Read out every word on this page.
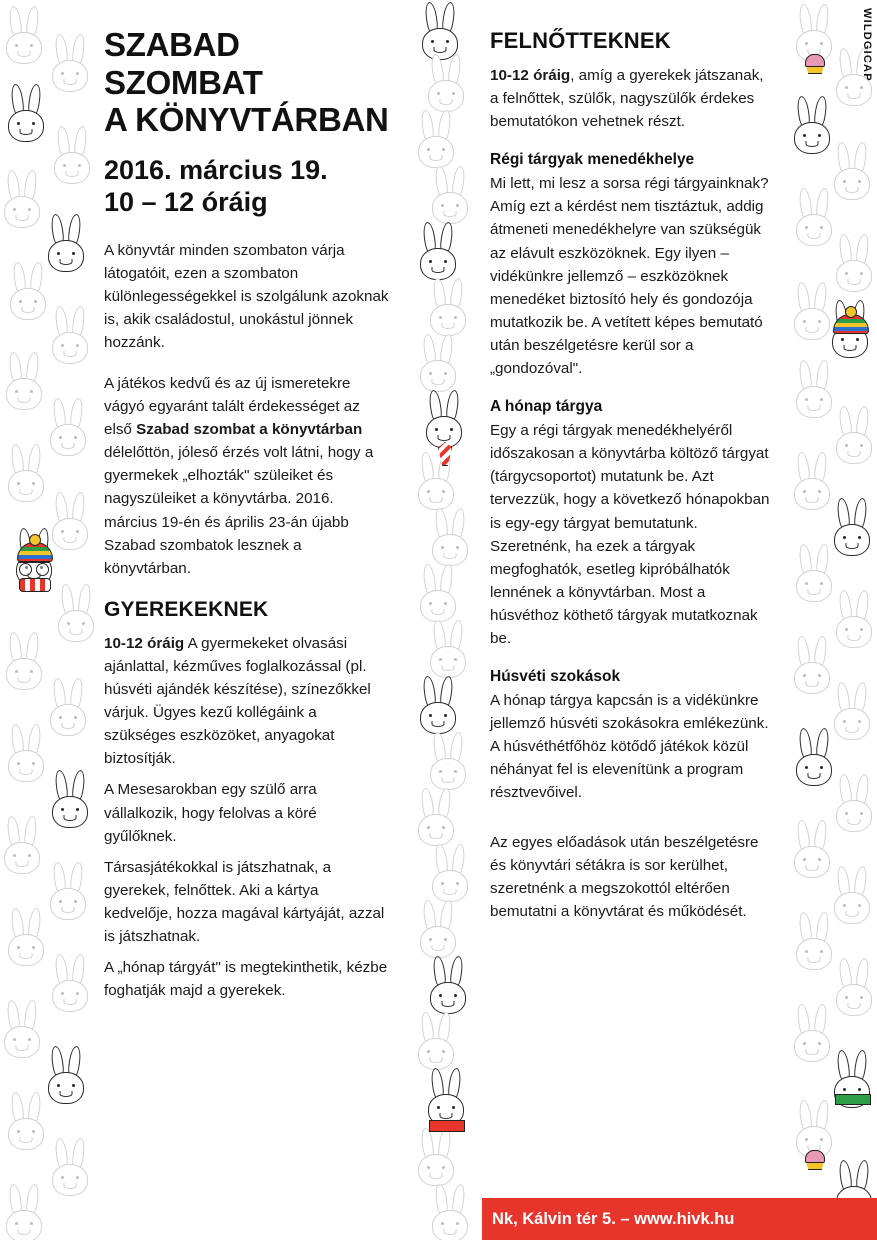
WILDGICAP
SZABAD
SZOMBAT
A KÖNYVTÁRBAN
2016. március 19.
10 – 12 óráig

A könyvtár minden szombaton várja látogatóit, ezen a szombaton különlegességekkel is szolgálunk azoknak is, akik családostul, unokástul jönnek hozzánk.

A játékos kedvű és az új ismeretekre vágyó egyaránt talált érdekességet az első Szabad szombat a könyvtárban délelőttön, jóleső érzés volt látni, hogy a gyermekek „elhozták" szüleiket és nagyszüleiket a könyvtárba. 2016. március 19-én és április 23-án újabb Szabad szombatok lesznek a könyvtárban.

GYEREKEKNEK

10-12 óráig A gyermekeket olvasási ajánlattal, kézműves foglalkozással (pl. húsvéti ajándék készítése), színezőkkel várjuk. Ügyes kezű kollégáink a szükséges eszközöket, anyagokat biztosítják.

A Mesesarokban egy szülő arra vállalkozik, hogy felolvas a köré gyűlőknek.

Társasjátékokkal is játszhatnak, a gyerekek, felnőttek. Aki a kártya kedvelője, hozza magával kártyáját, azzal is játszhatnak.

A „hónap tárgyát" is megtekinthetik, kézbe foghatják majd a gyerekek.

FELNŐTTEKNEK

10-12 óráig, amíg a gyerekek játszanak, a felnőttek, szülők, nagyszülők érdekes bemutatókon vehetnek részt.

Régi tárgyak menedékhelye

Mi lett, mi lesz a sorsa régi tárgyainknak? Amíg ezt a kérdést nem tisztáztuk, addig átmeneti menedékhelyre van szükségük az elávult eszközöknek. Egy ilyen – vidékünkre jellemző – eszközöknek menedéket biztosító hely és gondozója mutatkozik be. A vetített képes bemutató után beszélgetésre kerül sor a „gondozóval".

A hónap tárgya

Egy a régi tárgyak menedékhelyéről időszakosan a könyvtárba költöző tárgyat (tárgycsoportot) mutatunk be. Azt tervezzük, hogy a következő hónapokban is egy-egy tárgyat bemutatunk. Szeretnénk, ha ezek a tárgyak megfoghatók, esetleg kipróbálhatók lennének a könyvtárban. Most a húsvéthoz köthető tárgyak mutatkoznak be.

Húsvéti szokások

A hónap tárgya kapcsán is a vidékünkre jellemző húsvéti szokásokra emlékezünk. A húsvéthétfőhöz kötődő játékok közül néhányat fel is elevenítünk a program résztvevőivel.

Az egyes előadások után beszélgetésre és könyvtári sétákra is sor kerülhet, szeretnénk a megszokottól eltérően bemutatni a könyvtárat és működését.

Nk, Kálvin tér 5. – www.hivk.hu
